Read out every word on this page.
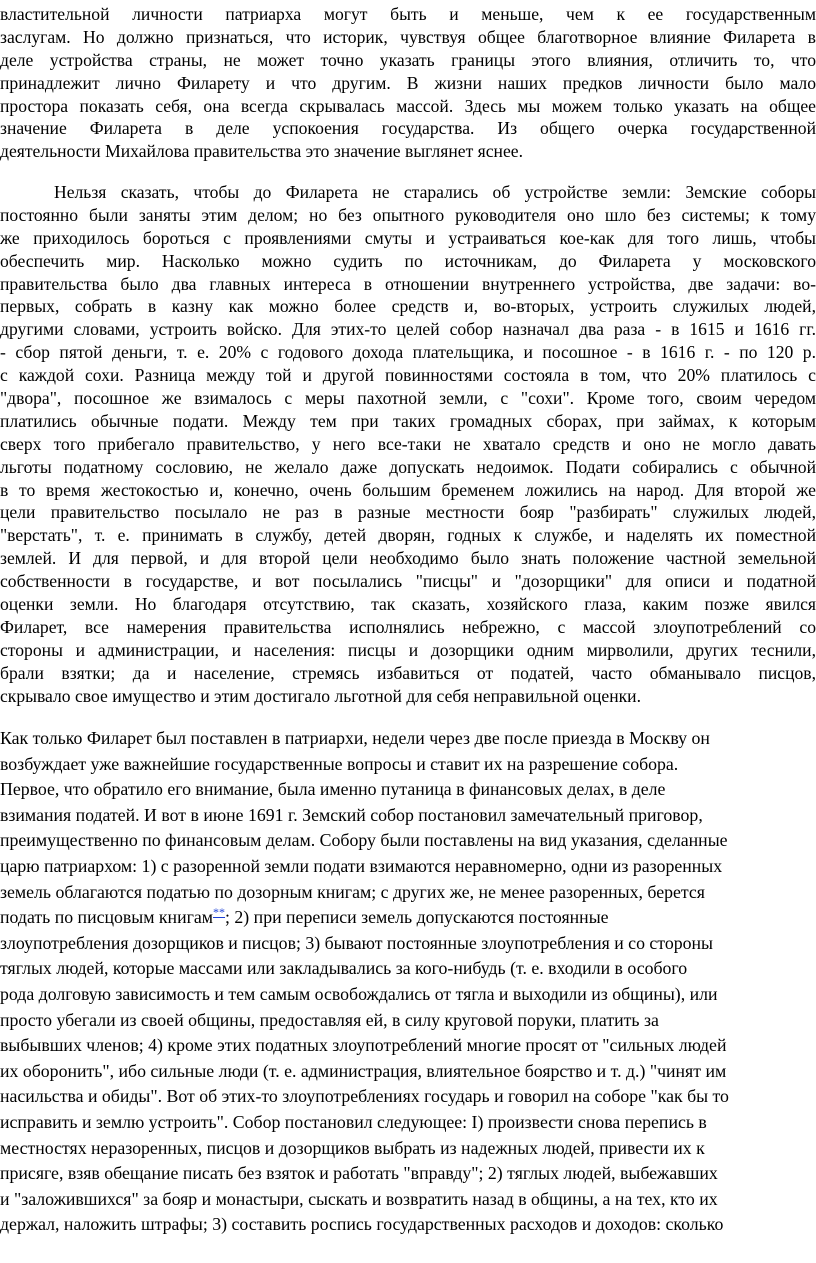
властительной личности патриарха могут быть и меньше, чем к ее государственным
заслугам. Но должно признаться, что историк, чувствуя общее благотворное влияние Филарета в
деле устройства страны, не может точно указать границы этого влияния, отличить то, что
принадлежит лично Филарету и что другим. В жизни наших предков личности было мало
простора показать себя, она всегда скрывалась массой. Здесь мы можем только указать на общее
значение Филарета в деле успокоения государства. Из общего очерка государственной
деятельности Михайлова правительства это значение выглянет яснее.
Нельзя сказать, чтобы до Филарета не старались об устройстве земли: Земские соборы
постоянно были заняты этим делом; но без опытного руководителя оно шло без системы; к тому
же приходилось бороться с проявлениями смуты и устраиваться кое-как для того лишь, чтобы
обеспечить мир. Насколько можно судить по источникам, до Филарета у московского
правительства было два главных интереса в отношении внутреннего устройства, две задачи: во-
первых, собрать в казну как можно более средств и, во-вторых, устроить служилых людей,
другими словами, устроить войско. Для этих-то целей собор назначал два раза - в 1615 и 1616 гг.
- сбор пятой деньги, т. е. 20% с годового дохода плательщика, и посошное - в 1616 г. - по 120 р.
с каждой сохи. Разница между той и другой повинностями состояла в том, что 20% платилось с
"двора", посошное же взималось с меры пахотной земли, с "сохи". Кроме того, своим чередом
платились обычные подати. Между тем при таких громадных сборах, при займах, к которым
сверх того прибегало правительство, у него все-таки не хватало средств и оно не могло давать
льготы податному сословию, не желало даже допускать недоимок. Подати собирались с обычной
в то время жестокостью и, конечно, очень большим бременем ложились на народ. Для второй же
цели правительство посылало не раз в разные местности бояр "разбирать" служилых людей,
"верстать", т. е. принимать в службу, детей дворян, годных к службе, и наделять их поместной
землей. И для первой, и для второй цели необходимо было знать положение частной земельной
собственности в государстве, и вот посылались "писцы" и "дозорщики" для описи и податной
оценки земли. Но благодаря отсутствию, так сказать, хозяйского глаза, каким позже явился
Филарет, все намерения правительства исполнялись небрежно, с массой злоупотреблений со
стороны и администрации, и населения: писцы и дозорщики одним мирволили, других теснили,
брали взятки; да и население, стремясь избавиться от податей, часто обманывало писцов,
скрывало свое имущество и этим достигало льготной для себя неправильной оценки.
Как только Филарет был поставлен в патриархи, недели через две после приезда в Москву он
возбуждает уже важнейшие государственные вопросы и ставит их на разрешение собора.
Первое, что обратило его внимание, была именно путаница в финансовых делах, в деле
взимания податей. И вот в июне 1691 г. Земский собор постановил замечательный приговор,
преимущественно по финансовым делам. Собору были поставлены на вид указания, сделанные
царю патриархом: 1) с разоренной земли подати взимаются неравномерно, одни из разоренных
земель облагаются податью по дозорным книгам; с других же, не менее разоренных, берется
подать по писцовым книгам**; 2) при переписи земель допускаются постоянные
злоупотребления дозорщиков и писцов; 3) бывают постоянные злоупотребления и со стороны
тяглых людей, которые массами или закладывались за кого-нибудь (т. е. входили в особого
рода долговую зависимость и тем самым освобождались от тягла и выходили из общины), или
просто убегали из своей общины, предоставляя ей, в силу круговой поруки, платить за
выбывших членов; 4) кроме этих податных злоупотреблений многие просят от "сильных людей
их оборонить", ибо сильные люди (т. е. администрация, влиятельное боярство и т. д.) "чинят им
насильства и обиды". Вот об этих-то злоупотреблениях государь и говорил на соборе "как бы то
исправить и землю устроить". Собор постановил следующее: I) произвести снова перепись в
местностях неразоренных, писцов и дозорщиков выбрать из надежных людей, привести их к
присяге, взяв обещание писать без взяток и работать "вправду"; 2) тяглых людей, выбежавших
и "заложившихся" за бояр и монастыри, сыскать и возвратить назад в общины, а на тех, кто их
держал, наложить штрафы; 3) составить роспись государственных расходов и доходов: сколько
